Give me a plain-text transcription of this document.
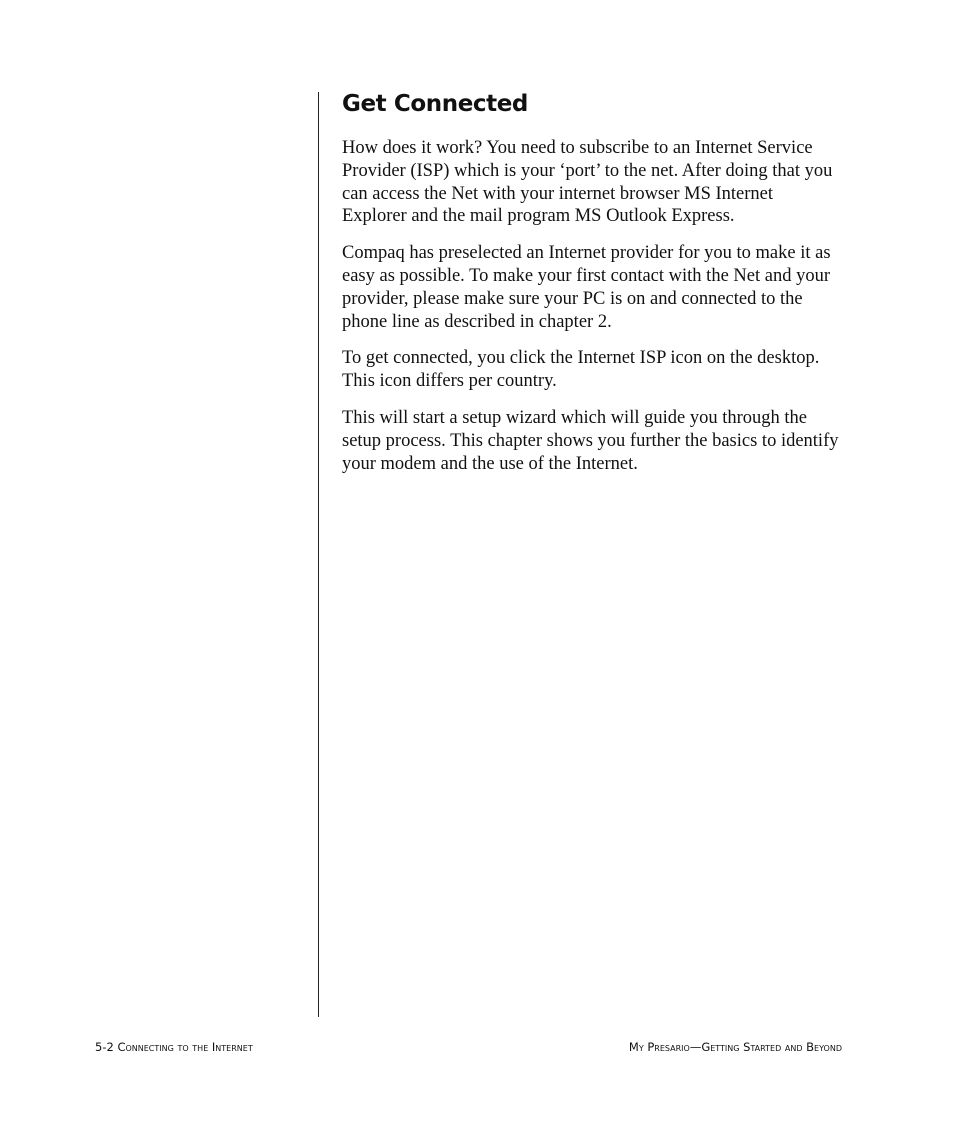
Get Connected

How does it work? You need to subscribe to an Internet Service Provider (ISP) which is your ‘port’ to the net. After doing that you can access the Net with your internet browser MS Internet Explorer and the mail program MS Outlook Express.

Compaq has preselected an Internet provider for you to make it as easy as possible. To make your first contact with the Net and your provider, please make sure your PC is on and connected to the phone line as described in chapter 2.

To get connected, you click the Internet ISP icon on the desktop. This icon differs per country.

This will start a setup wizard which will guide you through the setup process. This chapter shows you further the basics to identify your modem and the use of the Internet.

5-2 Connecting to the Internet	My Presario—Getting Started and Beyond
